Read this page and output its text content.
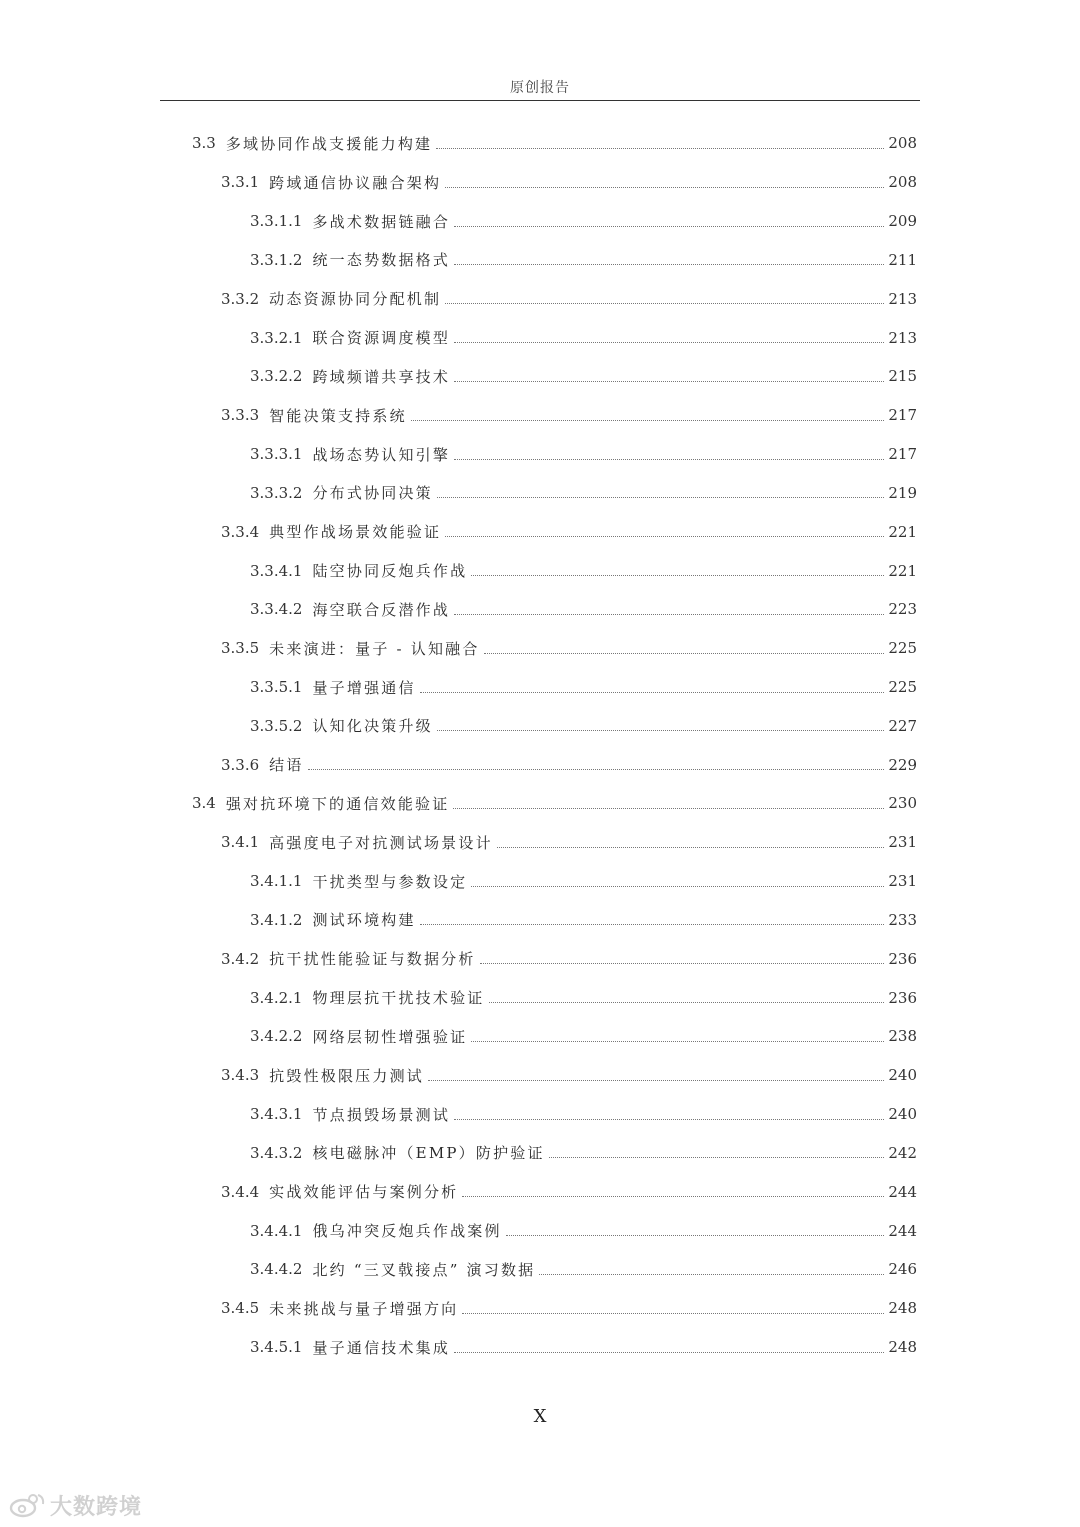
原创报告
3.3 多域协同作战支援能力构建	208
3.3.1 跨域通信协议融合架构	208
3.3.1.1 多战术数据链融合	209
3.3.1.2 统一态势数据格式	211
3.3.2 动态资源协同分配机制	213
3.3.2.1 联合资源调度模型	213
3.3.2.2 跨域频谱共享技术	215
3.3.3 智能决策支持系统	217
3.3.3.1 战场态势认知引擎	217
3.3.3.2 分布式协同决策	219
3.3.4 典型作战场景效能验证	221
3.3.4.1 陆空协同反炮兵作战	221
3.3.4.2 海空联合反潜作战	223
3.3.5 未来演进：量子 - 认知融合	225
3.3.5.1 量子增强通信	225
3.3.5.2 认知化决策升级	227
3.3.6 结语	229
3.4 强对抗环境下的通信效能验证	230
3.4.1 高强度电子对抗测试场景设计	231
3.4.1.1 干扰类型与参数设定	231
3.4.1.2 测试环境构建	233
3.4.2 抗干扰性能验证与数据分析	236
3.4.2.1 物理层抗干扰技术验证	236
3.4.2.2 网络层韧性增强验证	238
3.4.3 抗毁性极限压力测试	240
3.4.3.1 节点损毁场景测试	240
3.4.3.2 核电磁脉冲（EMP）防护验证	242
3.4.4 实战效能评估与案例分析	244
3.4.4.1 俄乌冲突反炮兵作战案例	244
3.4.4.2 北约 “三叉戟接点” 演习数据	246
3.4.5 未来挑战与量子增强方向	248
3.4.5.1 量子通信技术集成	248
X
大数跨境
